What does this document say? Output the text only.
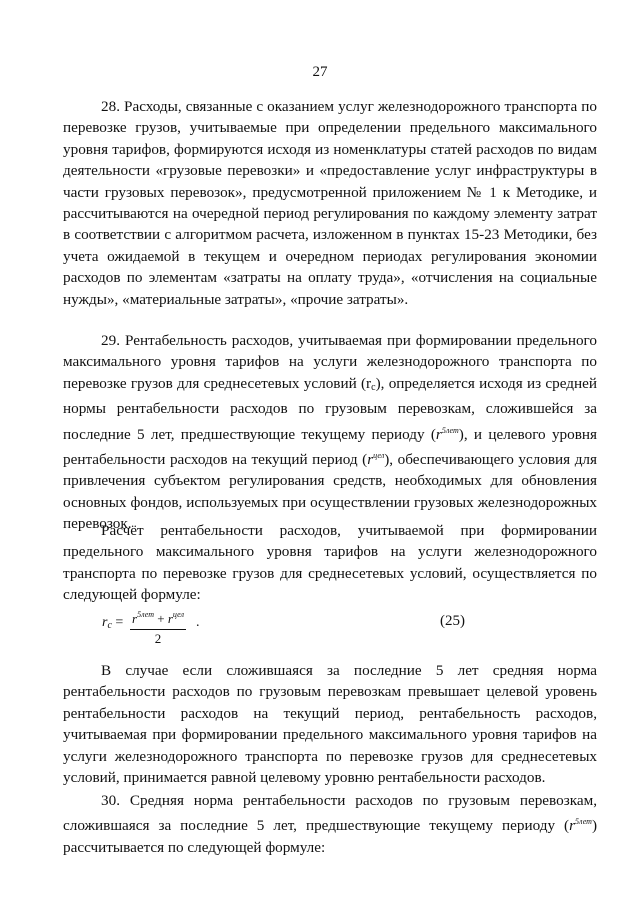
27

28. Расходы, связанные с оказанием услуг железнодорожного транспорта по перевозке грузов, учитываемые при определении предельного максимального уровня тарифов, формируются исходя из номенклатуры статей расходов по видам деятельности «грузовые перевозки» и «предоставление услуг инфраструктуры в части грузовых перевозок», предусмотренной приложением № 1 к Методике, и рассчитываются на очередной период регулирования по каждому элементу затрат в соответствии с алгоритмом расчета, изложенном в пунктах 15-23 Методики, без учета ожидаемой в текущем и очередном периодах регулирования экономии расходов по элементам «затраты на оплату труда», «отчисления на социальные нужды», «материальные затраты», «прочие затраты».

29. Рентабельность расходов, учитываемая при формировании предельного максимального уровня тарифов на услуги железнодорожного транспорта по перевозке грузов для среднесетевых условий $(r_c)$, определяется исходя из средней нормы рентабельности расходов по грузовым перевозкам, сложившейся за последние 5 лет, предшествующие текущему периоду $(r^{5лет})$, и целевого уровня рентабельности расходов на текущий период $(r^{цел})$, обеспечивающего условия для привлечения субъектом регулирования средств, необходимых для обновления основных фондов, используемых при осуществлении грузовых железнодорожных перевозок.

Расчёт рентабельности расходов, учитываемой при формировании предельного максимального уровня тарифов на услуги железнодорожного транспорта по перевозке грузов для среднесетевых условий, осуществляется по следующей формуле:

$r_c = r^{5лет} + r^{цел}$
2
.	(25)

В случае если сложившаяся за последние 5 лет средняя норма рентабельности расходов по грузовым перевозкам превышает целевой уровень рентабельности расходов на текущий период, рентабельность расходов, учитываемая при формировании предельного максимального уровня тарифов на услуги железнодорожного транспорта по перевозке грузов для среднесетевых условий, принимается равной целевому уровню рентабельности расходов.

30. Средняя норма рентабельности расходов по грузовым перевозкам, сложившаяся за последние 5 лет, предшествующие текущему периоду $(r^{5лет})$ рассчитывается по следующей формуле:
